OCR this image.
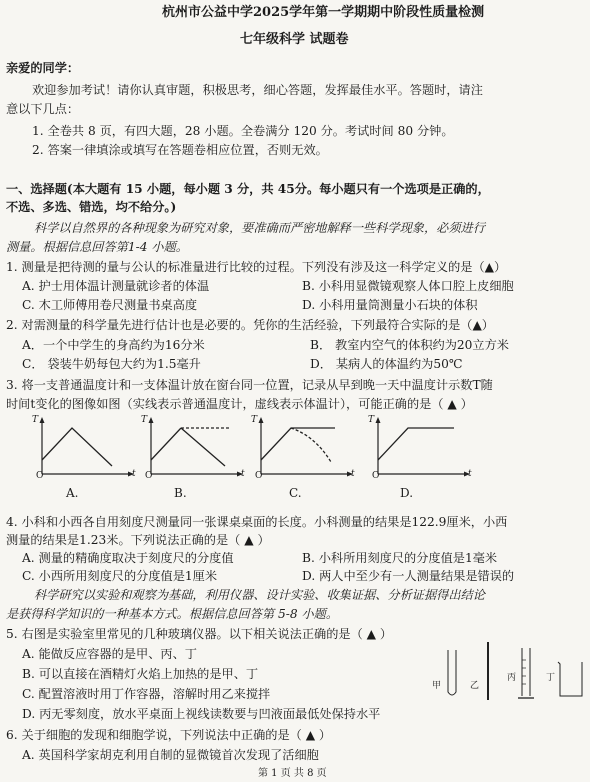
杭州市公益中学2025学年第一学期期中阶段性质量检测
七年级科学 试题卷
亲爱的同学：
欢迎参加考试！请你认真审题，积极思考，细心答题，发挥最佳水平。答题时，请注
意以下几点：
1. 全卷共 8 页，有四大题，28 小题。全卷满分 120 分。考试时间 80 分钟。
2. 答案一律填涂或填写在答题卷相应位置，否则无效。
一、选择题(本大题有 15 小题，每小题 3 分，共 45分。每小题只有一个选项是正确的，
不选、多选、错选，均不给分。)
科学以自然界的各种现象为研究对象，要准确而严密地解释一些科学现象，必须进行
测量。根据信息回答第1-4 小题。
1. 测量是把待测的量与公认的标准量进行比较的过程。下列没有涉及这一科学定义的是（▲）
A. 护士用体温计测量就诊者的体温	B. 小科用显微镜观察人体口腔上皮细胞
C. 木工师傅用卷尺测量书桌高度	D. 小科用量筒测量小石块的体积
2. 对需测量的科学量先进行估计也是必要的。凭你的生活经验，下列最符合实际的是（▲）
A．一个中学生的身高约为16分米	B． 教室内空气的体积约为20立方米
C． 袋装牛奶每包大约为1.5毫升	D． 某病人的体温约为50℃
3. 将一支普通温度计和一支体温计放在窗台同一位置，记录从早到晚一天中温度计示数T随
时间t变化的图像如图（实线表示普通温度计，虚线表示体温计），可能正确的是（ ▲ ）
T
O	t
T
O	t
T
O	t
T
O	t
A.	B.	C.	D.
4. 小科和小西各自用刻度尺测量同一张课桌桌面的长度。小科测量的结果是122.9厘米，小西
测量的结果是1.23米。下列说法正确的是（ ▲ ）
A. 测量的精确度取决于刻度尺的分度值	B. 小科所用刻度尺的分度值是1毫米
C. 小西所用刻度尺的分度值是1厘米	D. 两人中至少有一人测量结果是错误的
科学研究以实验和观察为基础，利用仪器、设计实验、收集证据、分析证据得出结论
是获得科学知识的一种基本方式。根据信息回答第 5-8 小题。
5. 右图是实验室里常见的几种玻璃仪器。以下相关说法正确的是（ ▲ ）
A. 能做反应容器的是甲、丙、丁
B. 可以直接在酒精灯火焰上加热的是甲、丁
C. 配置溶液时用丁作容器，溶解时用乙来搅拌
D. 丙无零刻度，放水平桌面上视线读数要与凹液面最低处保持水平
甲	乙
丙	丁
6. 关于细胞的发现和细胞学说，下列说法中正确的是（ ▲ ）
A. 英国科学家胡克利用自制的显微镜首次发现了活细胞
第 1 页 共 8 页
